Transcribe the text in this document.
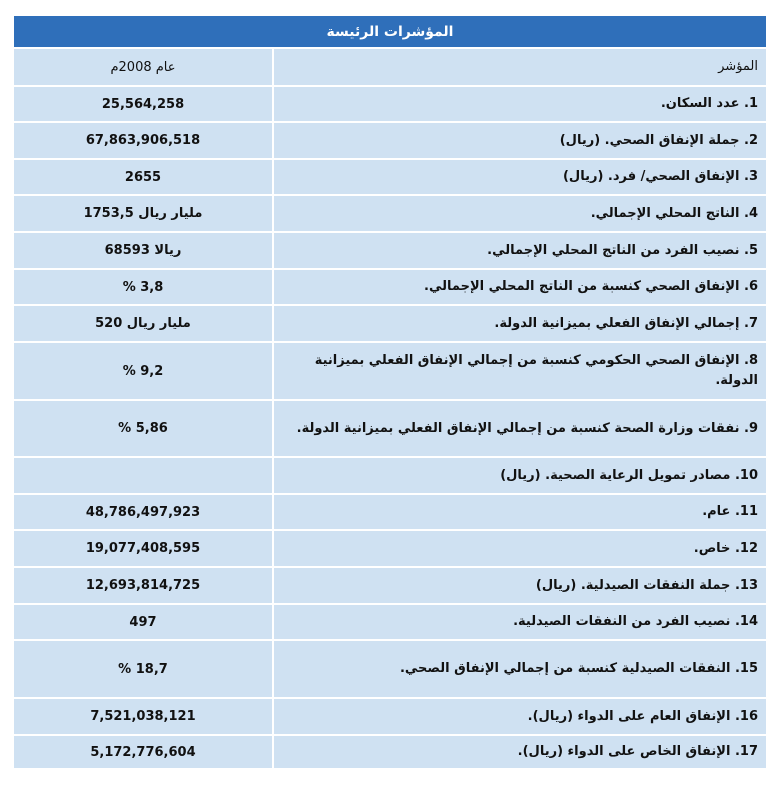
المؤشرات الرئيسة
عام 2008م	المؤشر
25,564,258	1. عدد السكان.
67,863,906,518	2. جملة الإنفاق الصحي. (ريال)
2655	3. الإنفاق الصحي/ فرد. (ريال)
1753,5 مليار ريال	4. الناتج المحلي الإجمالي.
68593 ريالا	5. نصيب الفرد من الناتج المحلي الإجمالي.
% 3,8	6. الإنفاق الصحي كنسبة من الناتج المحلي الإجمالي.
520 مليار ريال	7. إجمالي الإنفاق الفعلي بميزانية الدولة.
% 9,2	8. الإنفاق الصحي الحكومي كنسبة من إجمالي الإنفاق الفعلي بميزانية الدولة.
% 5,86	9. نفقات وزارة الصحة كنسبة من إجمالي الإنفاق الفعلي بميزانية الدولة.
	10. مصادر تمويل الرعاية الصحية. (ريال)
48,786,497,923	11. عام.
19,077,408,595	12. خاص.
12,693,814,725	13. جملة النفقات الصيدلية. (ريال)
497	14. نصيب الفرد من النفقات الصيدلية.
% 18,7	15. النفقات الصيدلية كنسبة من إجمالي الإنفاق الصحي.
7,521,038,121	16. الإنفاق العام على الدواء (ريال).
5,172,776,604	17. الإنفاق الخاص على الدواء (ريال).
